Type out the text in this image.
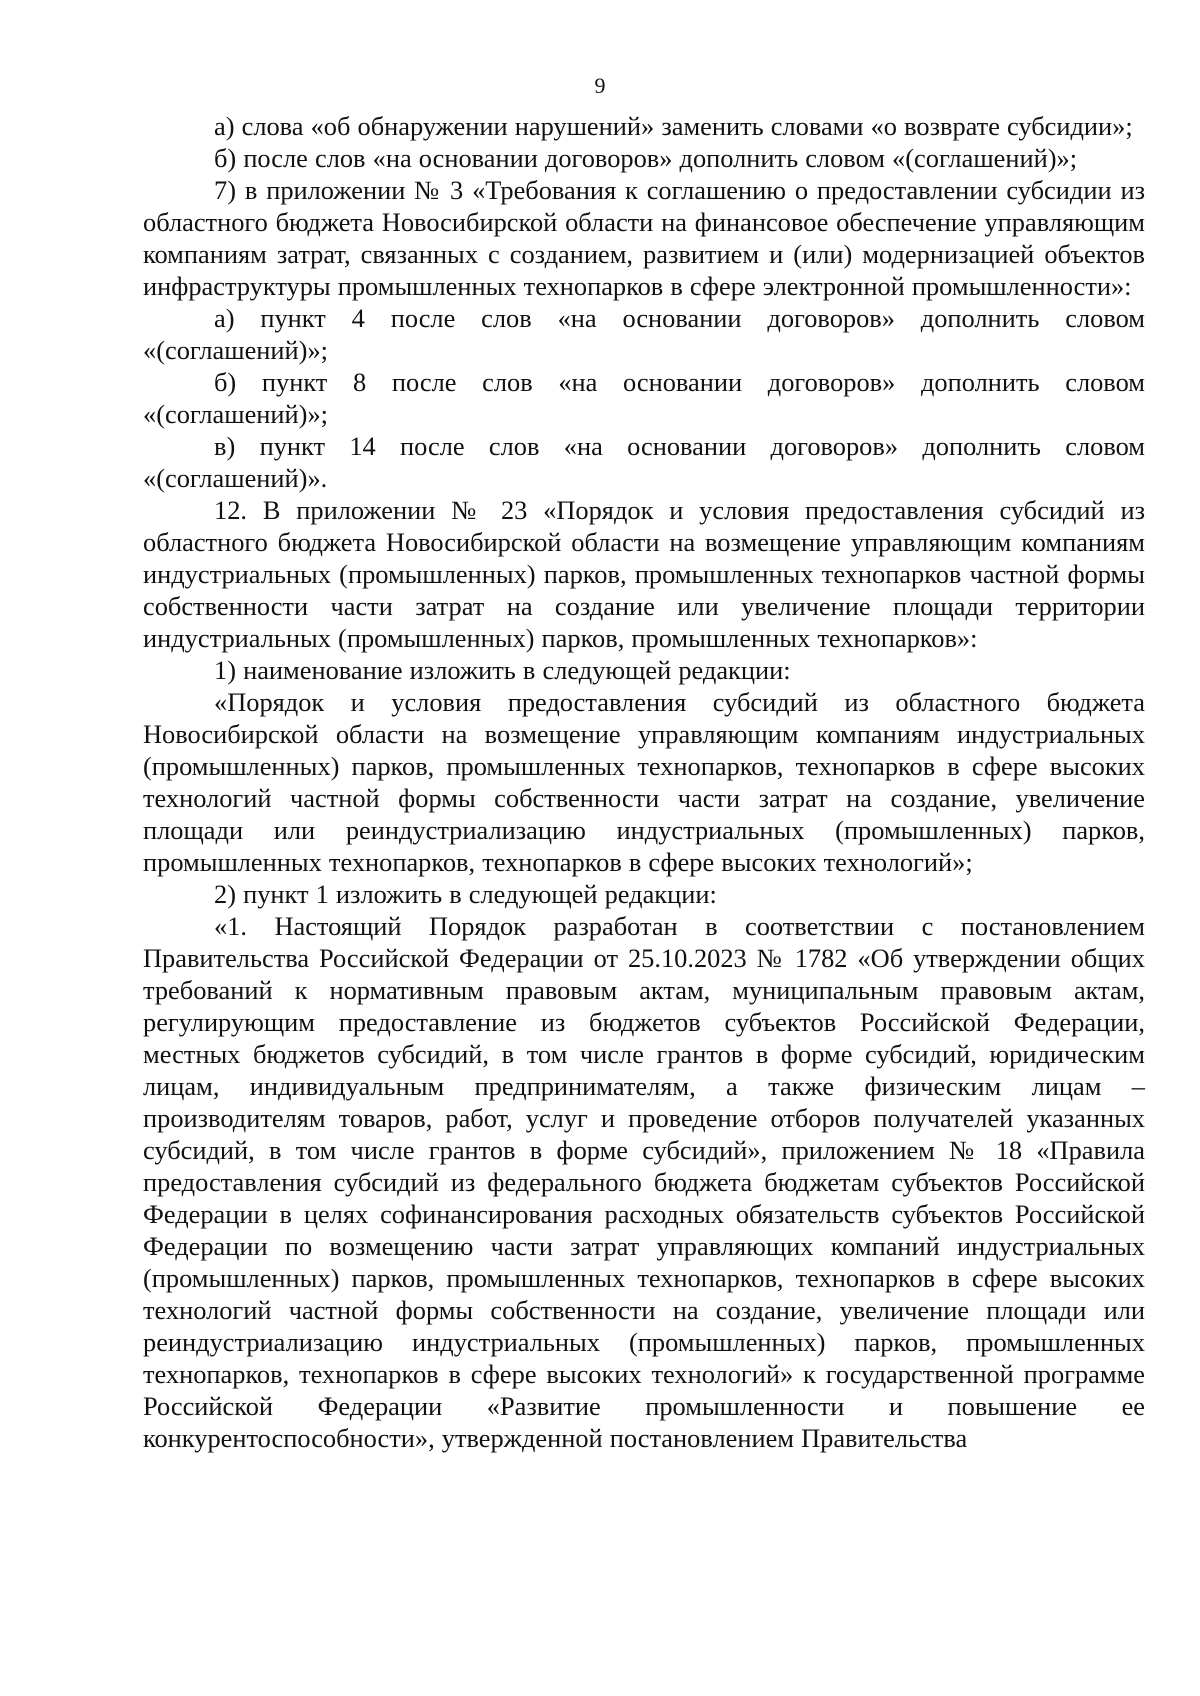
9

а) слова «об обнаружении нарушений» заменить словами «о возврате субсидии»;

б) после слов «на основании договоров» дополнить словом «(соглашений)»;

7) в приложении № 3 «Требования к соглашению о предоставлении субсидии из областного бюджета Новосибирской области на финансовое обеспечение управляющим компаниям затрат, связанных с созданием, развитием и (или) модернизацией объектов инфраструктуры промышленных технопарков в сфере электронной промышленности»:

а) пункт 4 после слов «на основании договоров» дополнить словом «(соглашений)»;

б) пункт 8 после слов «на основании договоров» дополнить словом «(соглашений)»;

в) пункт 14 после слов «на основании договоров» дополнить словом «(соглашений)».

12. В приложении № 23 «Порядок и условия предоставления субсидий из областного бюджета Новосибирской области на возмещение управляющим компаниям индустриальных (промышленных) парков, промышленных технопарков частной формы собственности части затрат на создание или увеличение площади территории индустриальных (промышленных) парков, промышленных технопарков»:

1) наименование изложить в следующей редакции:

«Порядок и условия предоставления субсидий из областного бюджета Новосибирской области на возмещение управляющим компаниям индустриальных (промышленных) парков, промышленных технопарков, технопарков в сфере высоких технологий частной формы собственности части затрат на создание, увеличение площади или реиндустриализацию индустриальных (промышленных) парков, промышленных технопарков, технопарков в сфере высоких технологий»;

2) пункт 1 изложить в следующей редакции:

«1. Настоящий Порядок разработан в соответствии с постановлением Правительства Российской Федерации от 25.10.2023 № 1782 «Об утверждении общих требований к нормативным правовым актам, муниципальным правовым актам, регулирующим предоставление из бюджетов субъектов Российской Федерации, местных бюджетов субсидий, в том числе грантов в форме субсидий, юридическим лицам, индивидуальным предпринимателям, а также физическим лицам – производителям товаров, работ, услуг и проведение отборов получателей указанных субсидий, в том числе грантов в форме субсидий», приложением № 18 «Правила предоставления субсидий из федерального бюджета бюджетам субъектов Российской Федерации в целях софинансирования расходных обязательств субъектов Российской Федерации по возмещению части затрат управляющих компаний индустриальных (промышленных) парков, промышленных технопарков, технопарков в сфере высоких технологий частной формы собственности на создание, увеличение площади или реиндустриализацию индустриальных (промышленных) парков, промышленных технопарков, технопарков в сфере высоких технологий» к государственной программе Российской Федерации «Развитие промышленности и повышение ее конкурентоспособности», утвержденной постановлением Правительства
